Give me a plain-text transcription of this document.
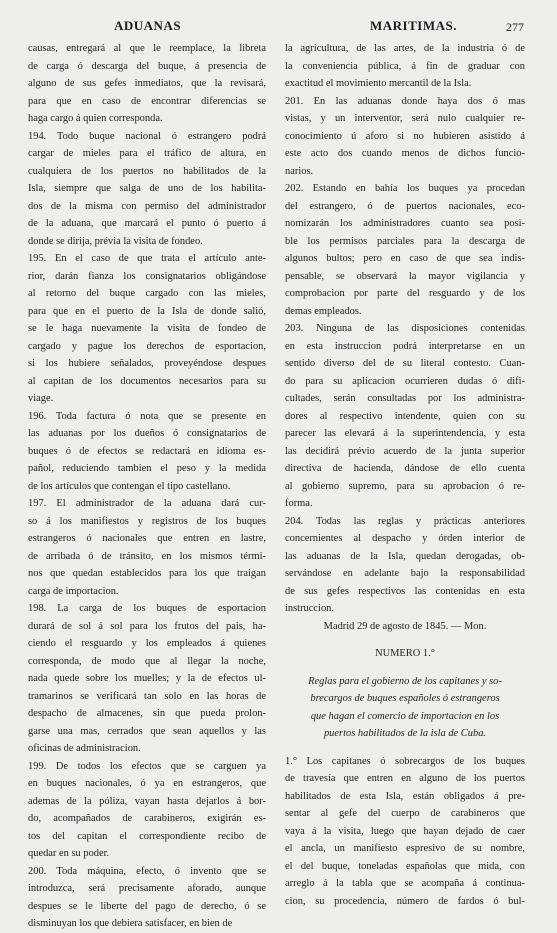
ADUANAS	MARITIMAS.	277
causas, entregará al que le reemplace, la libreta
de carga ó descarga del buque, á presencia de
alguno de sus gefes inmediatos, que la revisará,
para que en caso de encontrar diferencias se
haga cargo á quien corresponda.
194. Todo buque nacional ó estrangero podrá
cargar de mieles para el tráfico de altura, en
cualquiera de los puertos no habilitados de la
Isla, siempre que salga de uno de los habilita-
dos de la misma con permiso del administrador
de la aduana, que marcará el punto ó puerto á
donde se dirija, prévia la visita de fondeo.
195. En el caso de que trata el artículo ante-
rior, darán fianza los consignatarios obligándose
al retorno del buque cargado con las mieles,
para que en el puerto de la Isla de donde salió,
se le haga nuevamente la visita de fondeo de
cargado y pague los derechos de esportacion,
si los hubiere señalados, proveyéndose despues
al capitan de los documentos necesarios para su
viage.
196. Toda factura ó nota que se presente en
las aduanas por los dueños ó consignatarios de
buques ó de efectos se redactará en idioma es-
pañol, reduciendo tambien el peso y la medida
de los artículos que contengan el tipo castellano.
197. El administrador de la aduana dará cur-
so á los manifiestos y registros de los buques
estrangeros ó nacionales que entren en lastre,
de arribada ó de tránsito, en los mismos térmi-
nos que quedan establecidos para los que traigan
carga de importacion.
198. La carga de los buques de esportacion
durará de sol á sol para los frutos del pais, ha-
ciendo el resguardo y los empleados á quienes
corresponda, de modo que al llegar la noche,
nada quede sobre los muelles; y la de efectos ul-
tramarinos se verificará tan solo en las horas de
despacho de almacenes, sin que pueda prolon-
garse una mas, cerrados que sean aquellos y las
oficinas de administracion.
199. De todos los efectos que se carguen ya
en buques nacionales, ó ya en estrangeros, que
ademas de la póliza, vayan hasta dejarlos á bor-
do, acompañados de carabineros, exigirán es-
tos del capitan el correspondiente recibo de
quedar en su poder.
200. Toda máquina, efecto, ó invento que se
introduzca, será precisamente aforado, aunque
despues se le liberte del pago de derecho, ó se
disminuyan los que debiera satisfacer, en bien de
la agricultura, de las artes, de la industria ó de
la conveniencia pública, á fin de graduar con
exactitud el movimiento mercantil de la Isla.
201. En las aduanas donde haya dos ó mas
vistas, y un interventor, será nulo cualquier re-
conocimiento ú aforo si no hubieren asistido á
este acto dos cuando menos de dichos funcio-
narios.
202. Estando en bahía los buques ya procedan
del estrangero, ó de puertos nacionales, eco-
nomizarán los administradores cuanto sea posi-
ble los permisos parciales para la descarga de
algunos bultos; pero en caso de que sea indis-
pensable, se observará la mayor vigilancia y
comprobacion por parte del resguardo y de los
demas empleados.
203. Ninguna de las disposiciones contenidas
en esta instruccion podrá interpretarse en un
sentido diverso del de su literal contesto. Cuan-
do para su aplicacion ocurrieren dudas ó difi-
cultades, serán consultadas por los administra-
dores al respectivo intendente, quien con su
parecer las elevará á la superintendencia, y esta
las decidirá prévio acuerdo de la junta superior
directiva de hacienda, dándose de ello cuenta
al gobierno supremo, para su aprobacion ó re-
forma.
204. Todas las reglas y prácticas anteriores
concernientes al despacho y órden interior de
las aduanas de la Isla, quedan derogadas, ob-
servándose en adelante bajo la responsabilidad
de sus gefes respectivos las contenidas en esta
instruccion.
Madrid 29 de agosto de 1845. — Mon.
NUMERO 1.°
Reglas para el gobierno de los capitanes y so-
brecargos de buques españoles ó estrangeros
que hagan el comercio de importacion en los
puertos habilitados de la isla de Cuba.
1.° Los capitanes ó sobrecargos de los buques
de travesía que entren en alguno de los puertos
habilitados de esta Isla, están obligados á pre-
sentar al gefe del cuerpo de carabineros que
vaya á la visita, luego que hayan dejado de caer
el ancla, un manifiesto espresivo de su nombre,
el del buque, toneladas españolas que mida, con
arreglo á la tabla que se acompaña á continua-
cion, su procedencia, número de fardos ó bul-
